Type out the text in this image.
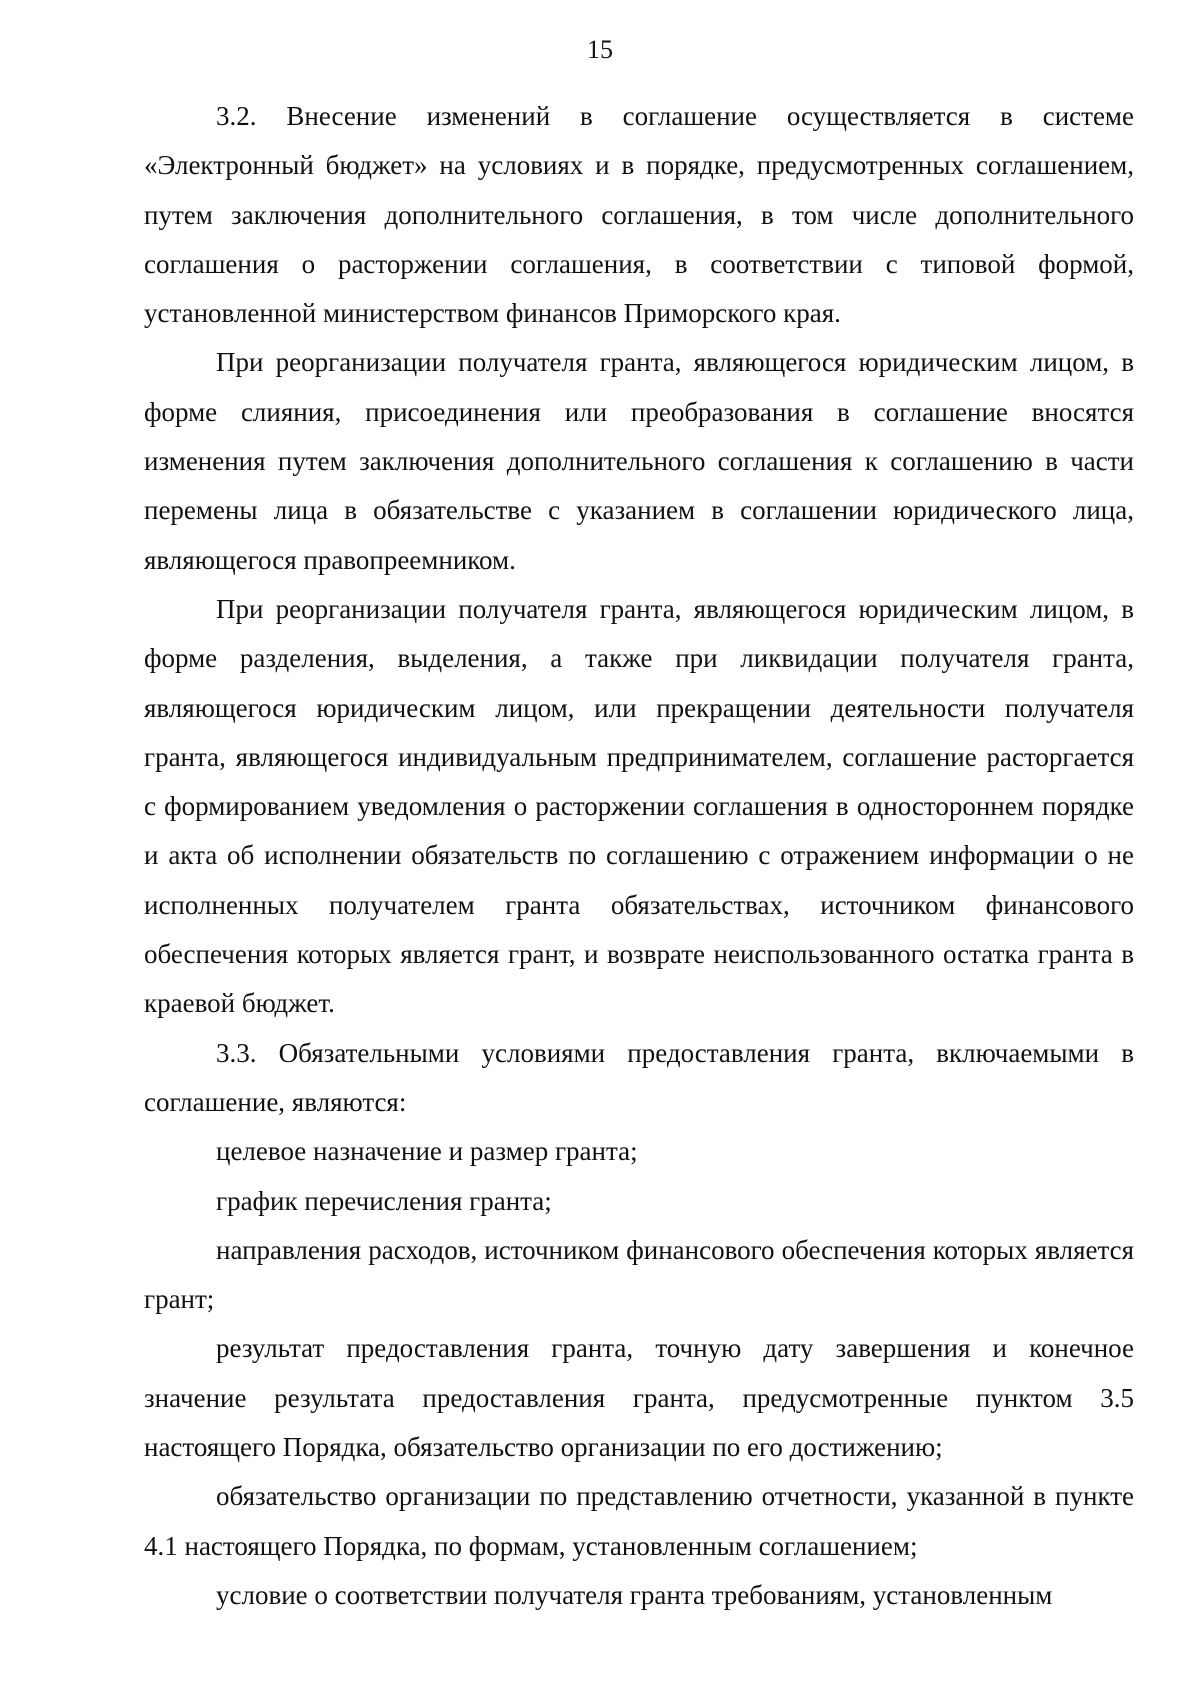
15

3.2. Внесение изменений в соглашение осуществляется в системе «Электронный бюджет» на условиях и в порядке, предусмотренных соглашением, путем заключения дополнительного соглашения, в том числе дополнительного соглашения о расторжении соглашения, в соответствии с типовой формой, установленной министерством финансов Приморского края.

При реорганизации получателя гранта, являющегося юридическим лицом, в форме слияния, присоединения или преобразования в соглашение вносятся изменения путем заключения дополнительного соглашения к соглашению в части перемены лица в обязательстве с указанием в соглашении юридического лица, являющегося правопреемником.

При реорганизации получателя гранта, являющегося юридическим лицом, в форме разделения, выделения, а также при ликвидации получателя гранта, являющегося юридическим лицом, или прекращении деятельности получателя гранта, являющегося индивидуальным предпринимателем, соглашение расторгается с формированием уведомления о расторжении соглашения в одностороннем порядке и акта об исполнении обязательств по соглашению с отражением информации о не исполненных получателем гранта обязательствах, источником финансового обеспечения которых является грант, и возврате неиспользованного остатка гранта в краевой бюджет.

3.3. Обязательными условиями предоставления гранта, включаемыми в соглашение, являются:

целевое назначение и размер гранта;

график перечисления гранта;

направления расходов, источником финансового обеспечения которых является грант;

результат предоставления гранта, точную дату завершения и конечное значение результата предоставления гранта, предусмотренные пунктом 3.5 настоящего Порядка, обязательство организации по его достижению;

обязательство организации по представлению отчетности, указанной в пункте 4.1 настоящего Порядка, по формам, установленным соглашением;

условие о соответствии получателя гранта требованиям, установленным
